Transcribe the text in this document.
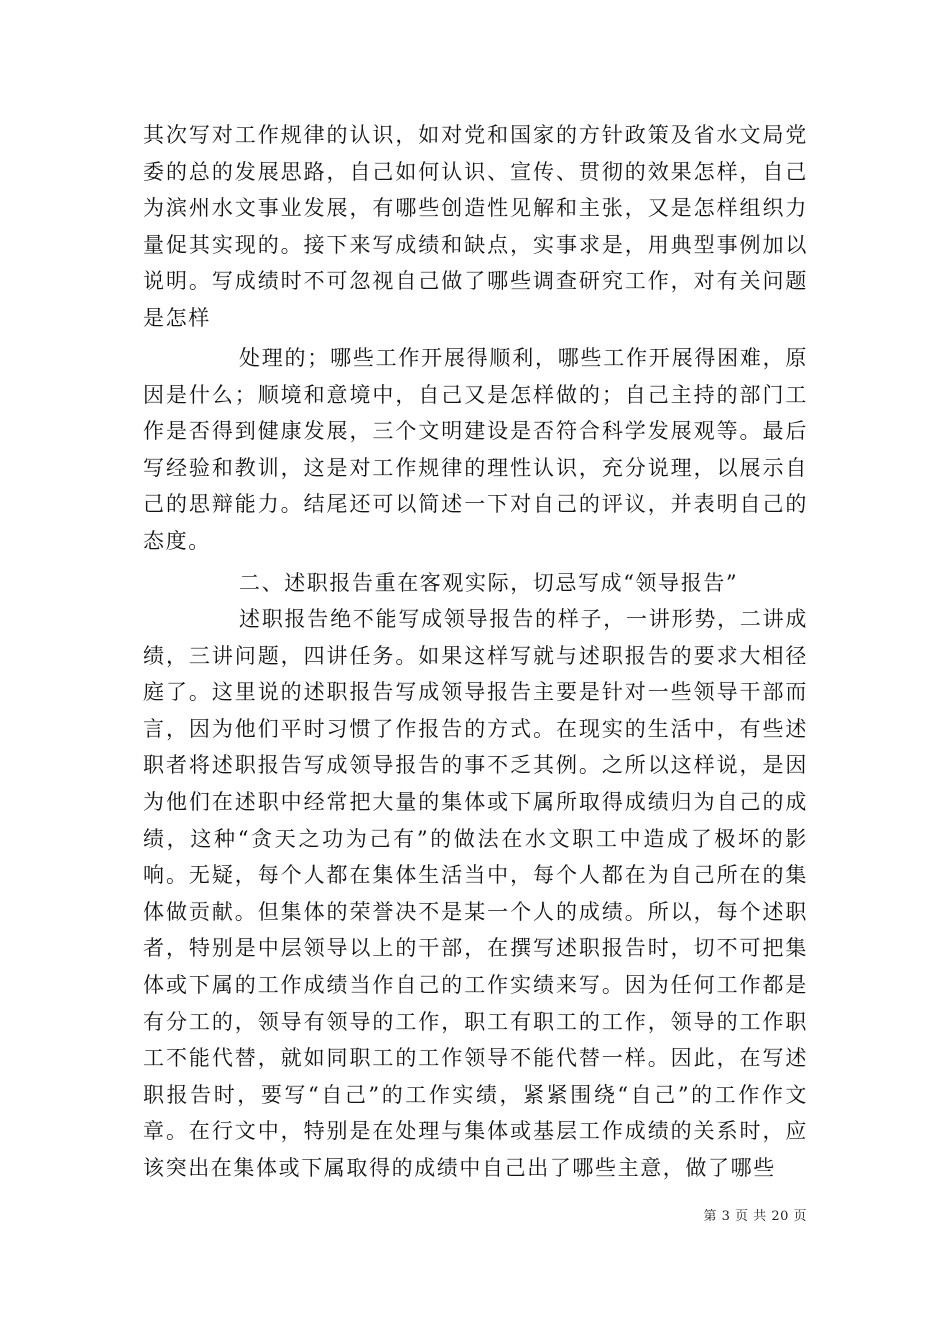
其次写对工作规律的认识，如对党和国家的方针政策及省水文局党委的总的发展思路，自己如何认识、宣传、贯彻的效果怎样，自己为滨州水文事业发展，有哪些创造性见解和主张，又是怎样组织力量促其实现的。接下来写成绩和缺点，实事求是，用典型事例加以说明。写成绩时不可忽视自己做了哪些调查研究工作，对有关问题是怎样

处理的；哪些工作开展得顺利，哪些工作开展得困难，原因是什么；顺境和意境中，自己又是怎样做的；自己主持的部门工作是否得到健康发展，三个文明建设是否符合科学发展观等。最后写经验和教训，这是对工作规律的理性认识，充分说理，以展示自己的思辩能力。结尾还可以简述一下对自己的评议，并表明自己的态度。

二、述职报告重在客观实际，切忌写成“领导报告”

述职报告绝不能写成领导报告的样子，一讲形势，二讲成绩，三讲问题，四讲任务。如果这样写就与述职报告的要求大相径庭了。这里说的述职报告写成领导报告主要是针对一些领导干部而言，因为他们平时习惯了作报告的方式。在现实的生活中，有些述职者将述职报告写成领导报告的事不乏其例。之所以这样说，是因为他们在述职中经常把大量的集体或下属所取得成绩归为自己的成绩，这种“贪天之功为己有”的做法在水文职工中造成了极坏的影响。无疑，每个人都在集体生活当中，每个人都在为自己所在的集体做贡献。但集体的荣誉决不是某一个人的成绩。所以，每个述职者，特别是中层领导以上的干部，在撰写述职报告时，切不可把集体或下属的工作成绩当作自己的工作实绩来写。因为任何工作都是有分工的，领导有领导的工作，职工有职工的工作，领导的工作职工不能代替，就如同职工的工作领导不能代替一样。因此，在写述职报告时，要写“自己”的工作实绩，紧紧围绕“自己”的工作作文章。在行文中，特别是在处理与集体或基层工作成绩的关系时，应该突出在集体或下属取得的成绩中自己出了哪些主意，做了哪些

第 3 页 共 20 页
